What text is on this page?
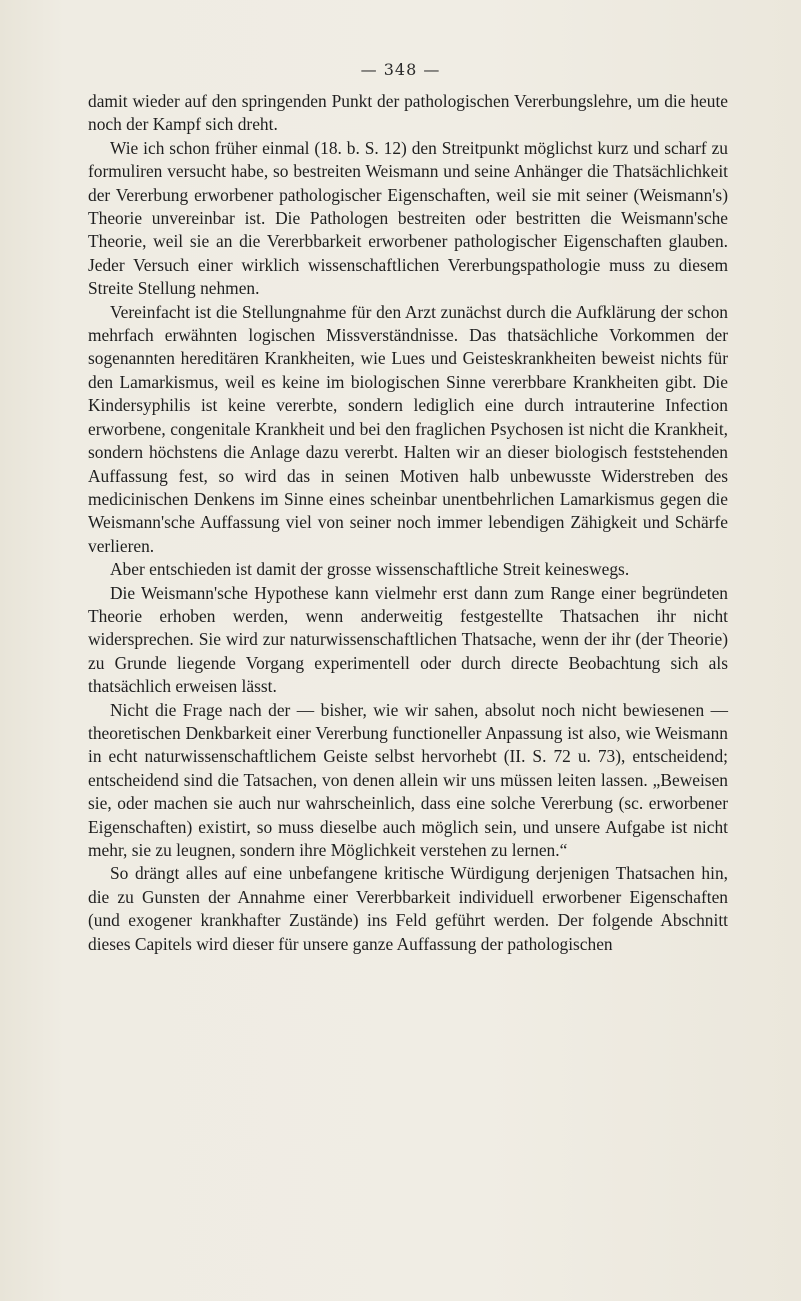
— 348 —

damit wieder auf den springenden Punkt der pathologischen Vererbungslehre, um die heute noch der Kampf sich dreht.

Wie ich schon früher einmal (18. b. S. 12) den Streitpunkt möglichst kurz und scharf zu formuliren versucht habe, so bestreiten Weismann und seine Anhänger die Thatsächlichkeit der Vererbung erworbener pathologischer Eigenschaften, weil sie mit seiner (Weismann's) Theorie unvereinbar ist. Die Pathologen bestreiten oder bestritten die Weismann'sche Theorie, weil sie an die Vererbbarkeit erworbener pathologischer Eigenschaften glauben. Jeder Versuch einer wirklich wissenschaftlichen Vererbungspathologie muss zu diesem Streite Stellung nehmen.

Vereinfacht ist die Stellungnahme für den Arzt zunächst durch die Aufklärung der schon mehrfach erwähnten logischen Missverständnisse. Das thatsächliche Vorkommen der sogenannten hereditären Krankheiten, wie Lues und Geisteskrankheiten beweist nichts für den Lamarkismus, weil es keine im biologischen Sinne vererbbare Krankheiten gibt. Die Kindersyphilis ist keine vererbte, sondern lediglich eine durch intrauterine Infection erworbene, congenitale Krankheit und bei den fraglichen Psychosen ist nicht die Krankheit, sondern höchstens die Anlage dazu vererbt. Halten wir an dieser biologisch feststehenden Auffassung fest, so wird das in seinen Motiven halb unbewusste Widerstreben des medicinischen Denkens im Sinne eines scheinbar unentbehrlichen Lamarkismus gegen die Weismann'sche Auffassung viel von seiner noch immer lebendigen Zähigkeit und Schärfe verlieren.

Aber entschieden ist damit der grosse wissenschaftliche Streit keineswegs.

Die Weismann'sche Hypothese kann vielmehr erst dann zum Range einer begründeten Theorie erhoben werden, wenn anderweitig festgestellte Thatsachen ihr nicht widersprechen. Sie wird zur naturwissenschaftlichen Thatsache, wenn der ihr (der Theorie) zu Grunde liegende Vorgang experimentell oder durch directe Beobachtung sich als thatsächlich erweisen lässt.

Nicht die Frage nach der — bisher, wie wir sahen, absolut noch nicht bewiesenen — theoretischen Denkbarkeit einer Vererbung functioneller Anpassung ist also, wie Weismann in echt naturwissenschaftlichem Geiste selbst hervorhebt (II. S. 72 u. 73), entscheidend; entscheidend sind die Tatsachen, von denen allein wir uns müssen leiten lassen. „Beweisen sie, oder machen sie auch nur wahrscheinlich, dass eine solche Vererbung (sc. erworbener Eigenschaften) existirt, so muss dieselbe auch möglich sein, und unsere Aufgabe ist nicht mehr, sie zu leugnen, sondern ihre Möglichkeit verstehen zu lernen.“

So drängt alles auf eine unbefangene kritische Würdigung derjenigen Thatsachen hin, die zu Gunsten der Annahme einer Vererbbarkeit individuell erworbener Eigenschaften (und exogener krankhafter Zustände) ins Feld geführt werden. Der folgende Abschnitt dieses Capitels wird dieser für unsere ganze Auffassung der pathologischen
